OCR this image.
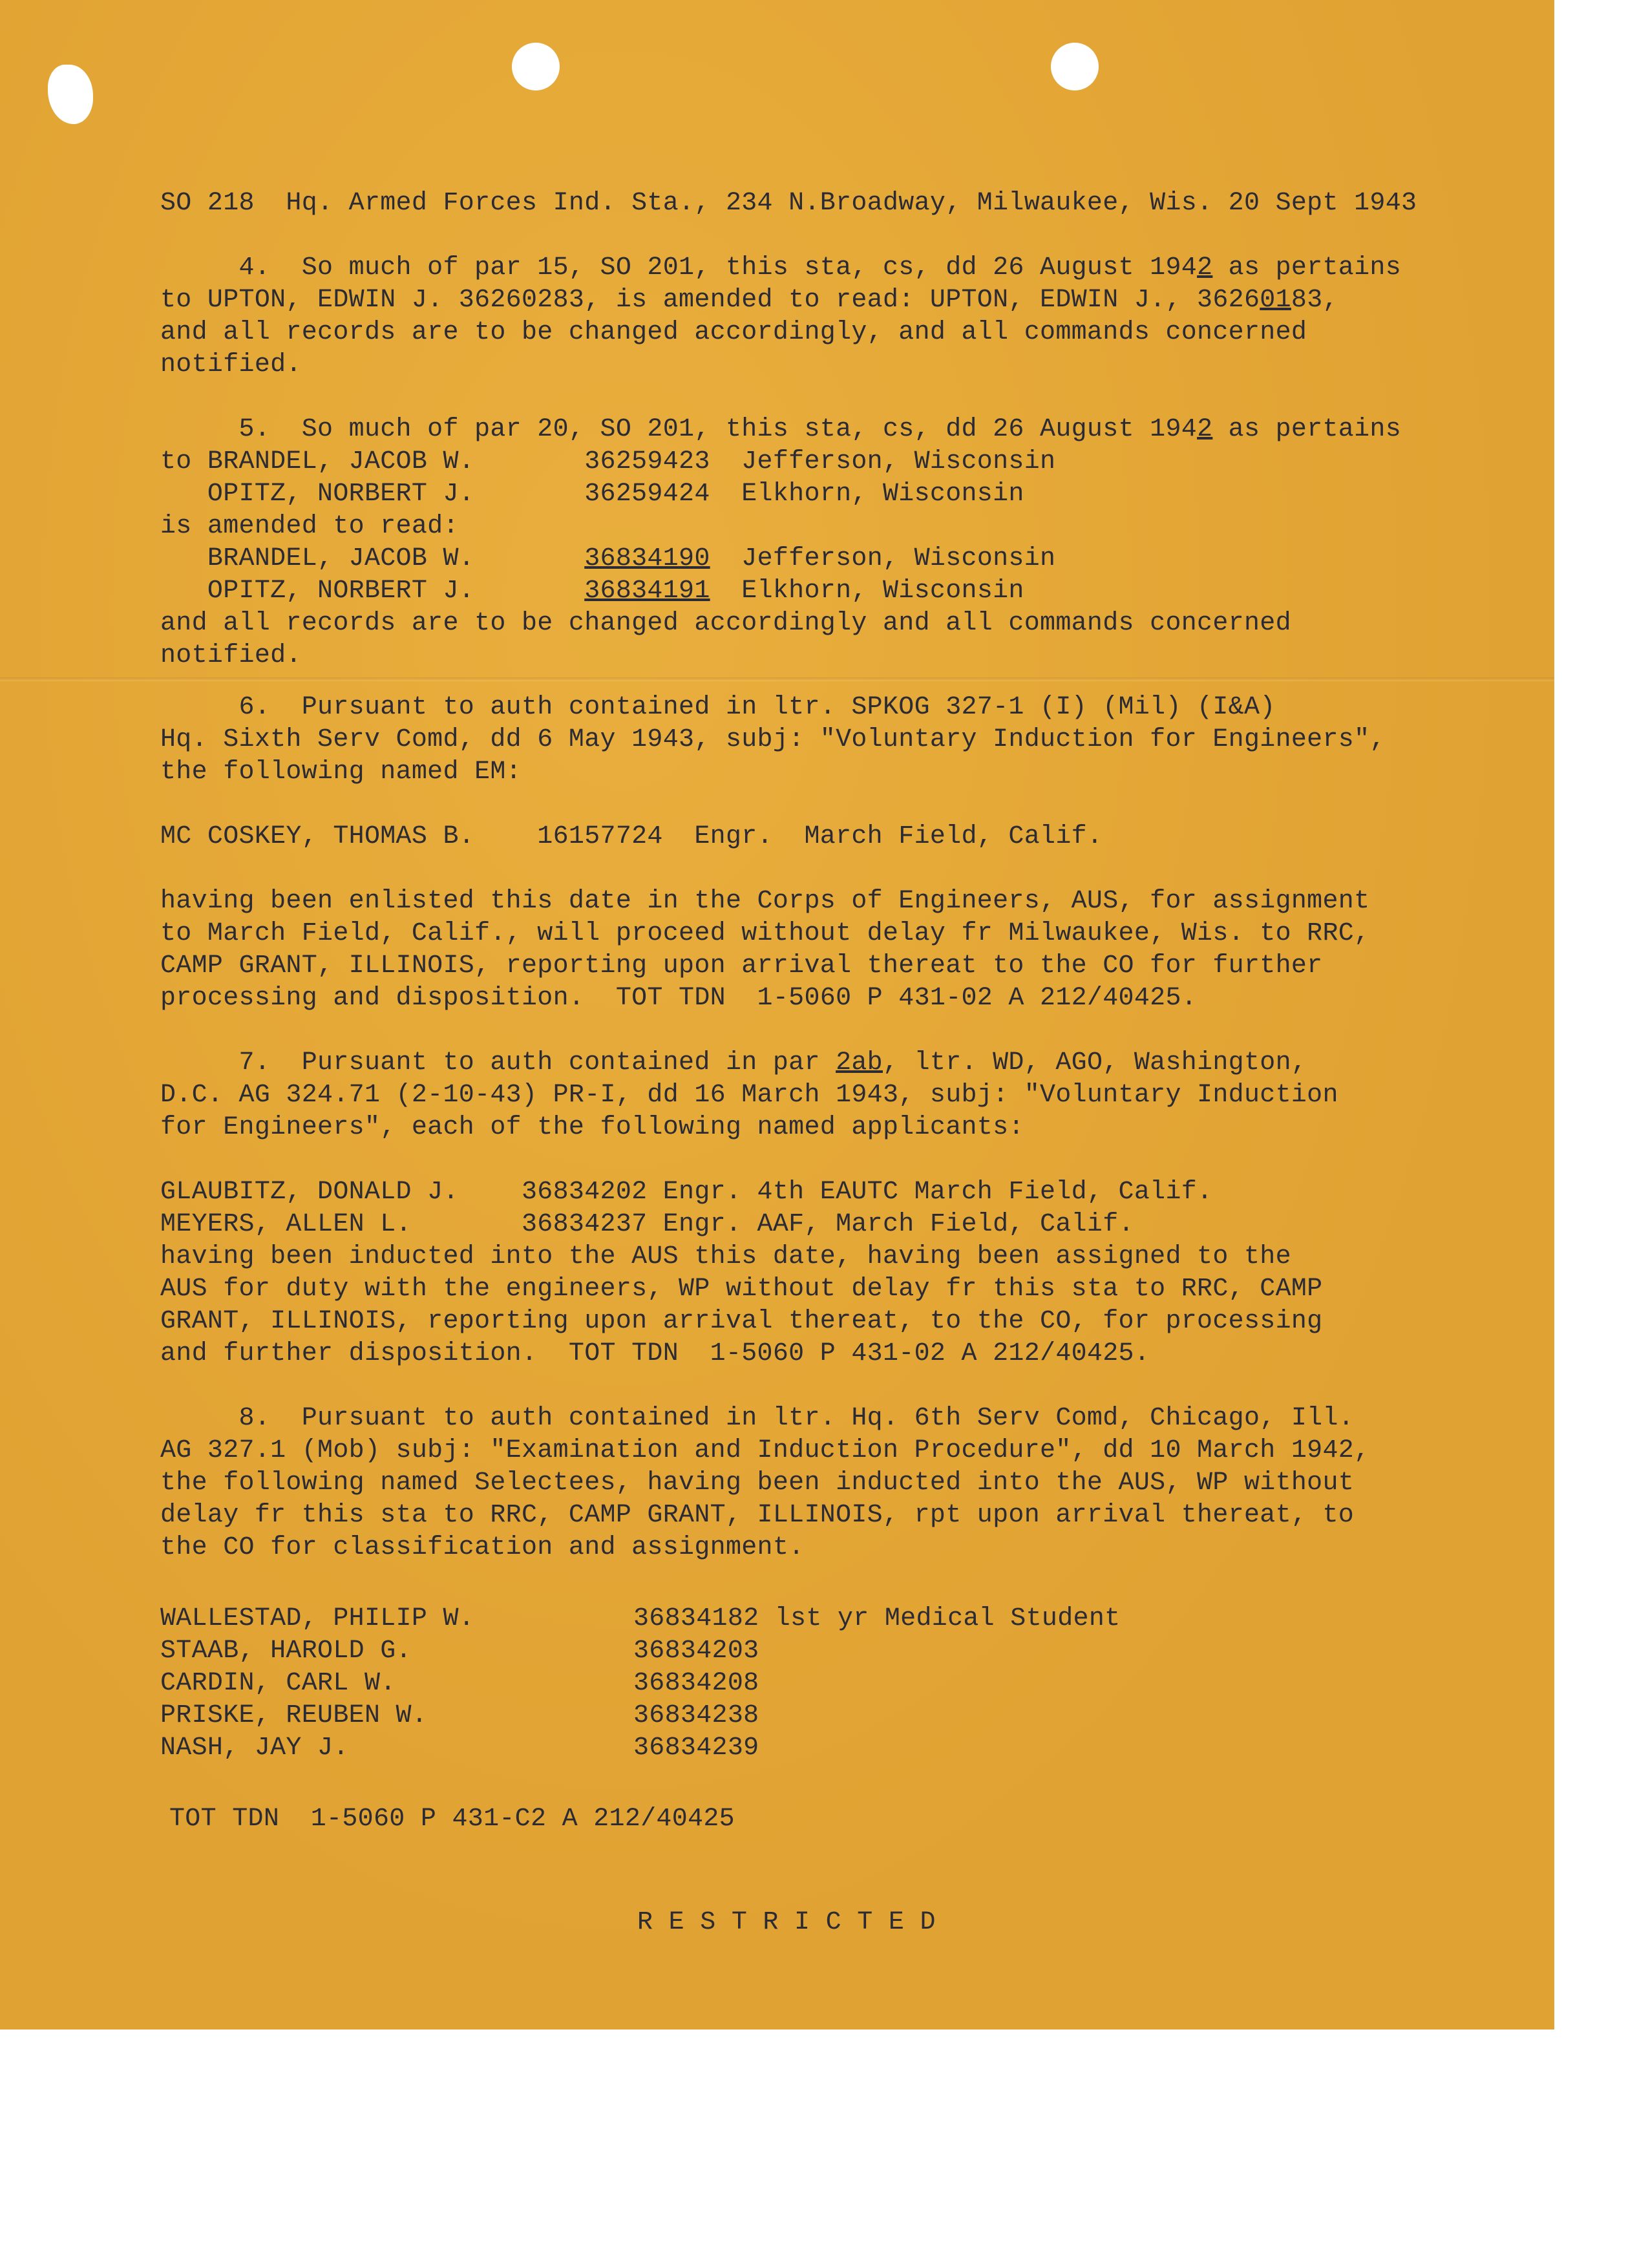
SO 218  Hq. Armed Forces Ind. Sta., 234 N.Broadway, Milwaukee, Wis. 20 Sept 1943

4.  So much of par 15, SO 201, this sta, cs, dd 26 August 1942 as pertains

to UPTON, EDWIN J. 36260283, is amended to read: UPTON, EDWIN J., 36260183,

and all records are to be changed accordingly, and all commands concerned

notified.

5.  So much of par 20, SO 201, this sta, cs, dd 26 August 1942 as pertains

to BRANDEL, JACOB W.       36259423  Jefferson, Wisconsin

OPITZ, NORBERT J.       36259424  Elkhorn, Wisconsin

is amended to read:

BRANDEL, JACOB W.       36834190  Jefferson, Wisconsin

OPITZ, NORBERT J.       36834191  Elkhorn, Wisconsin

and all records are to be changed accordingly and all commands concerned

notified.

6.  Pursuant to auth contained in ltr. SPKOG 327-1 (I) (Mil) (I&A)

Hq. Sixth Serv Comd, dd 6 May 1943, subj: "Voluntary Induction for Engineers",

the following named EM:

MC COSKEY, THOMAS B.    16157724  Engr.  March Field, Calif.

having been enlisted this date in the Corps of Engineers, AUS, for assignment

to March Field, Calif., will proceed without delay fr Milwaukee, Wis. to RRC,

CAMP GRANT, ILLINOIS, reporting upon arrival thereat to the CO for further

processing and disposition.  TOT TDN  1-5060 P 431-02 A 212/40425.

7.  Pursuant to auth contained in par 2ab, ltr. WD, AGO, Washington,

D.C. AG 324.71 (2-10-43) PR-I, dd 16 March 1943, subj: "Voluntary Induction

for Engineers", each of the following named applicants:

GLAUBITZ, DONALD J.    36834202 Engr. 4th EAUTC March Field, Calif.

MEYERS, ALLEN L.       36834237 Engr. AAF, March Field, Calif.

having been inducted into the AUS this date, having been assigned to the

AUS for duty with the engineers, WP without delay fr this sta to RRC, CAMP

GRANT, ILLINOIS, reporting upon arrival thereat, to the CO, for processing

and further disposition.  TOT TDN  1-5060 P 431-02 A 212/40425.

8.  Pursuant to auth contained in ltr. Hq. 6th Serv Comd, Chicago, Ill.

AG 327.1 (Mob) subj: "Examination and Induction Procedure", dd 10 March 1942,

the following named Selectees, having been inducted into the AUS, WP without

delay fr this sta to RRC, CAMP GRANT, ILLINOIS, rpt upon arrival thereat, to

the CO for classification and assignment.

WALLESTAD, PHILIP W.	36834182 lst yr Medical Student

STAAB, HAROLD G.	36834203

CARDIN, CARL W.	36834208

PRISKE, REUBEN W.	36834238

NASH, JAY J.	36834239

TOT TDN  1-5060 P 431-C2 A 212/40425

R E S T R I C T E D
